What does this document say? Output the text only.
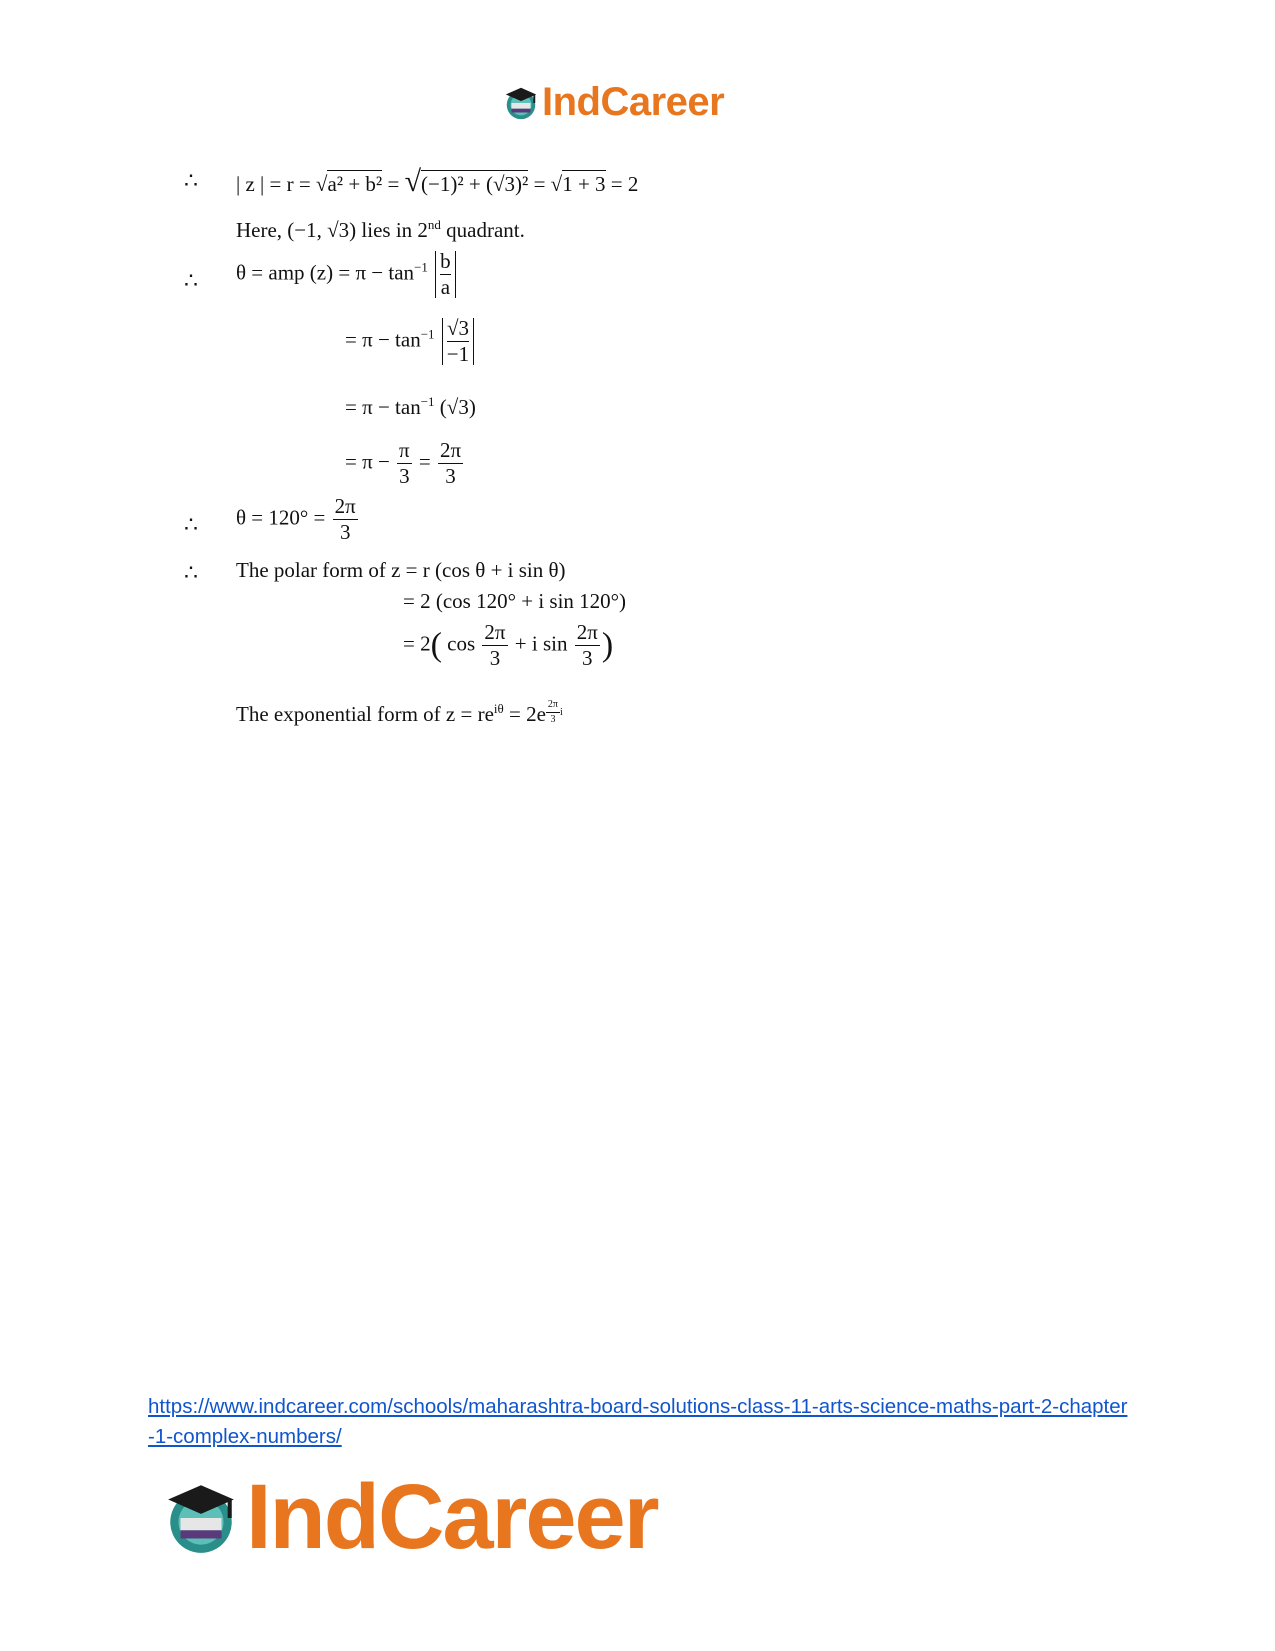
IndCareer
∴ | z | = r = √a² + b² = √(−1)² + (√3)² = √1 + 3 = 2
Here, (−1, √3) lies in 2nd quadrant.
∴ θ = amp $(z) = \pi - \tan^{-1} \frac{b}{a}$
= $\pi - \tan^{-1} \frac{√3}{-1}$
= $\pi - \tan^{-1} (√3)$
= $\pi - \frac{\pi}{3} = \frac{2\pi}{3}$
∴ $\theta = 120^\circ = \frac{2\pi}{3}$
∴ The polar form of z = r (cos θ + i sin θ)
= 2 (cos 120° + i sin 120°)
= 2( $\cos \frac{2\pi}{3} + i$ $\sin \frac{2\pi}{3}$ )
The exponential form of $z = re^{i\theta} = 2e$ $^{\frac{2\pi}{3} i}$
https://www.indcareer.com/schools/maharashtra-board-solutions-class-11-arts-science-maths-part-2-chapter-1-complex-numbers/
IndCareer
